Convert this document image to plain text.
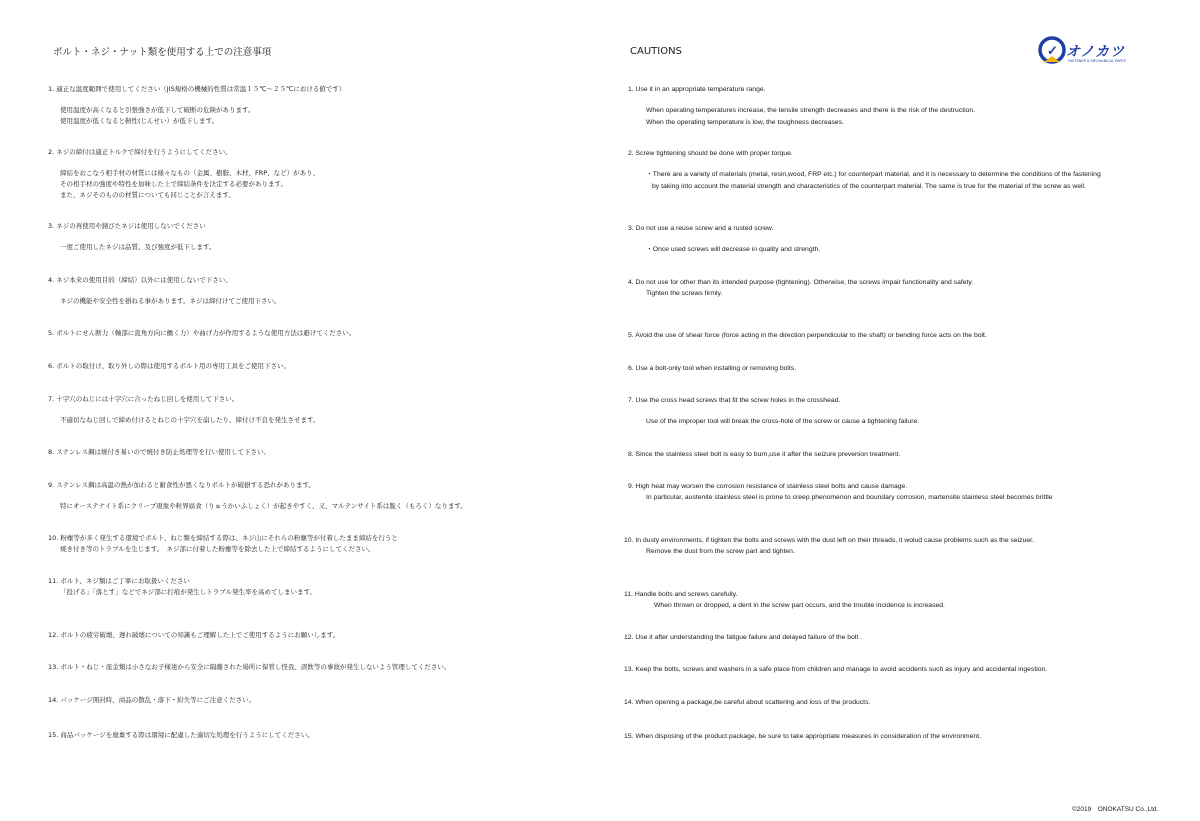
ボルト・ネジ・ナット類を使用する上での注意事項	CAUTIONS	✓ オノカツ
FASTENER & MECHANICAL PARTS
1. 適正な温度範囲で使用してください（JIS規格の機械的性質は常温１５℃〜２５℃における値です）
使用温度が高くなると引張強さが低下して破断の危険があります。
使用温度が低くなると靭性(じんせい）が低下します。
2. ネジの締付は適正トルクで締付を行うようにしてください。
締結をおこなう相手材の材質には様々なもの（金属、樹脂、木材、FRP、など）があり、
その相手材の強度や特性を加味した上で締結条件を決定する必要があります。
また、ネジそのものの材質についても同じことが言えます。
3. ネジの再使用や錆びたネジは使用しないでください
一度ご使用したネジは品質、及び強度が低下します。
4. ネジ本来の使用目的（締結）以外には使用しないで下さい。
ネジの機能や安全性を損ねる事があります。ネジは締付けてご使用下さい。
5. ボルトにせん断力（軸部に直角方向に働く力）や曲げ力が作用するような使用方法は避けてください。
6. ボルトの取付け、取り外しの際は使用するボルト用の専用工具をご使用下さい。
7. 十字穴のねじには十字穴に合ったねじ回しを使用して下さい。
不適切なねじ回しで締め付けるとねじの十字穴を崩したり、締付け不良を発生させます。
8. ステンレス鋼は焼付き易いので焼付き防止処理等を行い使用して下さい。
9. ステンレス鋼は高温の熱が加わると耐食性が悪くなりボルトが破損する恐れがあります。
特にオーステナイト系にクリープ現象や粒界腐食（りゅうかいふしょく）が起きやすく、又、マルテンサイト系は脆く（もろく）なります。
10. 粉塵等が多く発生する環境でボルト、ねじ類を締結する際は、ネジ山にそれらの粉塵等が付着したまま締結を行うと
焼き付き等のトラブルを生じます。　ネジ部に付着した粉塵等を除去した上で締結するようにしてください。
11. ボルト、ネジ類はご丁寧にお取扱いください
「投げる」「落とす」などでネジ部に打痕が発生しトラブル発生率を高めてしまいます。
12. ボルトの疲労破壊、遅れ破壊についての知識もご理解した上でご使用するようにお願いします。
13. ボルト・ねじ・座金類は小さなお子様達から安全に隔離された場所に保管し怪我、誤飲等の事故が発生しないよう管理してください。
14. パッケージ開封時、商品の散乱・落下・紛失等にご注意ください。
15. 商品パッケージを廃棄する際は環境に配慮した適切な処理を行うようにしてください。
1. Use it in an appropriate temperature range.
When operating temperatures increase, the tensile strength decreases and there is the risk of the destruction.
When the operating temperature is low, the toughness decreases.
2. Screw tightening should be done with proper torque.
・There are a variety of materials (metal, resin,wood, FRP etc.) for counterpart material, and it is necessary to determine the conditions of the fastening
by taking into account the material strength and characteristics of the counterpart material. The same is true for the material of the screw as well.
3. Do not use a reuse screw and a rusted screw.
・Once used screws will decrease in quality and strength.
4. Do not use for other than its intended purpose (tightening). Otherwise, the screws impair functionality and safety.
Tighten the screws firmly.
5. Avoid the use of shear force (force acting in the direction perpendicular to the shaft) or bending force acts on the bolt.
6. Use a bolt-only tool when installing or removing bolts.
7. Use the cross head screws that fit the screw holes in the crosshead.
Use of the improper tool will break the cross-hole of the screw or cause a tightening failure.
8. Since the stainless steel bolt is easy to burn,use it after the seizure prevenion treatment.
9. High heat may worsen the corrosion resistance of stainless steel bolts and cause damage.
In particular, austenite stainless steel is prone to creep phenomenon and boundary corrosion, martensite stainless steel becomes brittle
10. In dusty environments, if tighten the bolts and screws with the dust left on their threads, it wolud cause problems such as the seizuer.
Remove the dust from the screw part and tighten.
11. Handle bolts and screws carefully.
When thrown or dropped, a dent in the screw part occurs, and the trouble incidence is increased.
12. Use it after understanding the fatigue failure and delayed failure of the bolt .
13. Keep the bolts, screws and washers in a safe place from children and manage to avoid accidents such as injury and accidental ingestion.
14. When opening a package,be careful about scattering and loss of the products.
15. When disposing of the product package, be sure to take appropriate measures in consideration of the environment.
©2019　ONOKATSU Co.,Ltd.
